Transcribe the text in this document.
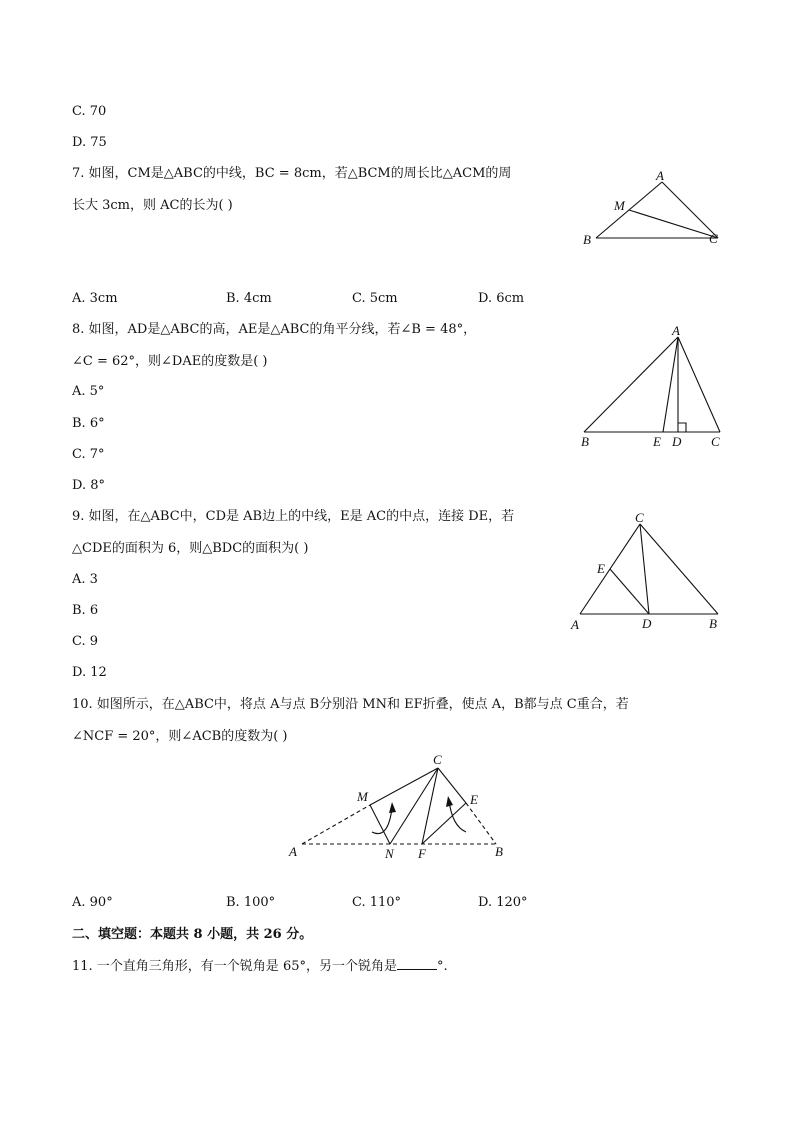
C. 70
D. 75
7. 如图，CM是△ABC的中线，BC = 8cm，若△BCM的周长比△ACM的周
长大 3cm，则 AC的长为( )
A
B	C
M
A. 3cm	B. 4cm	C. 5cm	D. 6cm
8. 如图，AD是△ABC的高，AE是△ABC的角平分线，若∠B = 48°，
∠C = 62°，则∠DAE的度数是( )
A. 5°
B. 6°
C. 7°
D. 8°
A
B	E D C
9. 如图，在△ABC中，CD是 AB边上的中线，E是 AC的中点，连接 DE，若
△CDE的面积为 6，则△BDC的面积为( )
A. 3
B. 6
C. 9
D. 12
C
E
A	D	B
10. 如图所示，在△ABC中，将点 A与点 B分别沿 MN和 EF折叠，使点 A，B都与点 C重合，若
∠NCF = 20°，则∠ACB的度数为( )
C
M	E
A	N F	B
A. 90°	B. 100°	C. 110°	D. 120°
二、填空题：本题共 8 小题，共 26 分。
11. 一个直角三角形，有一个锐角是 65°，另一个锐角是	°.
